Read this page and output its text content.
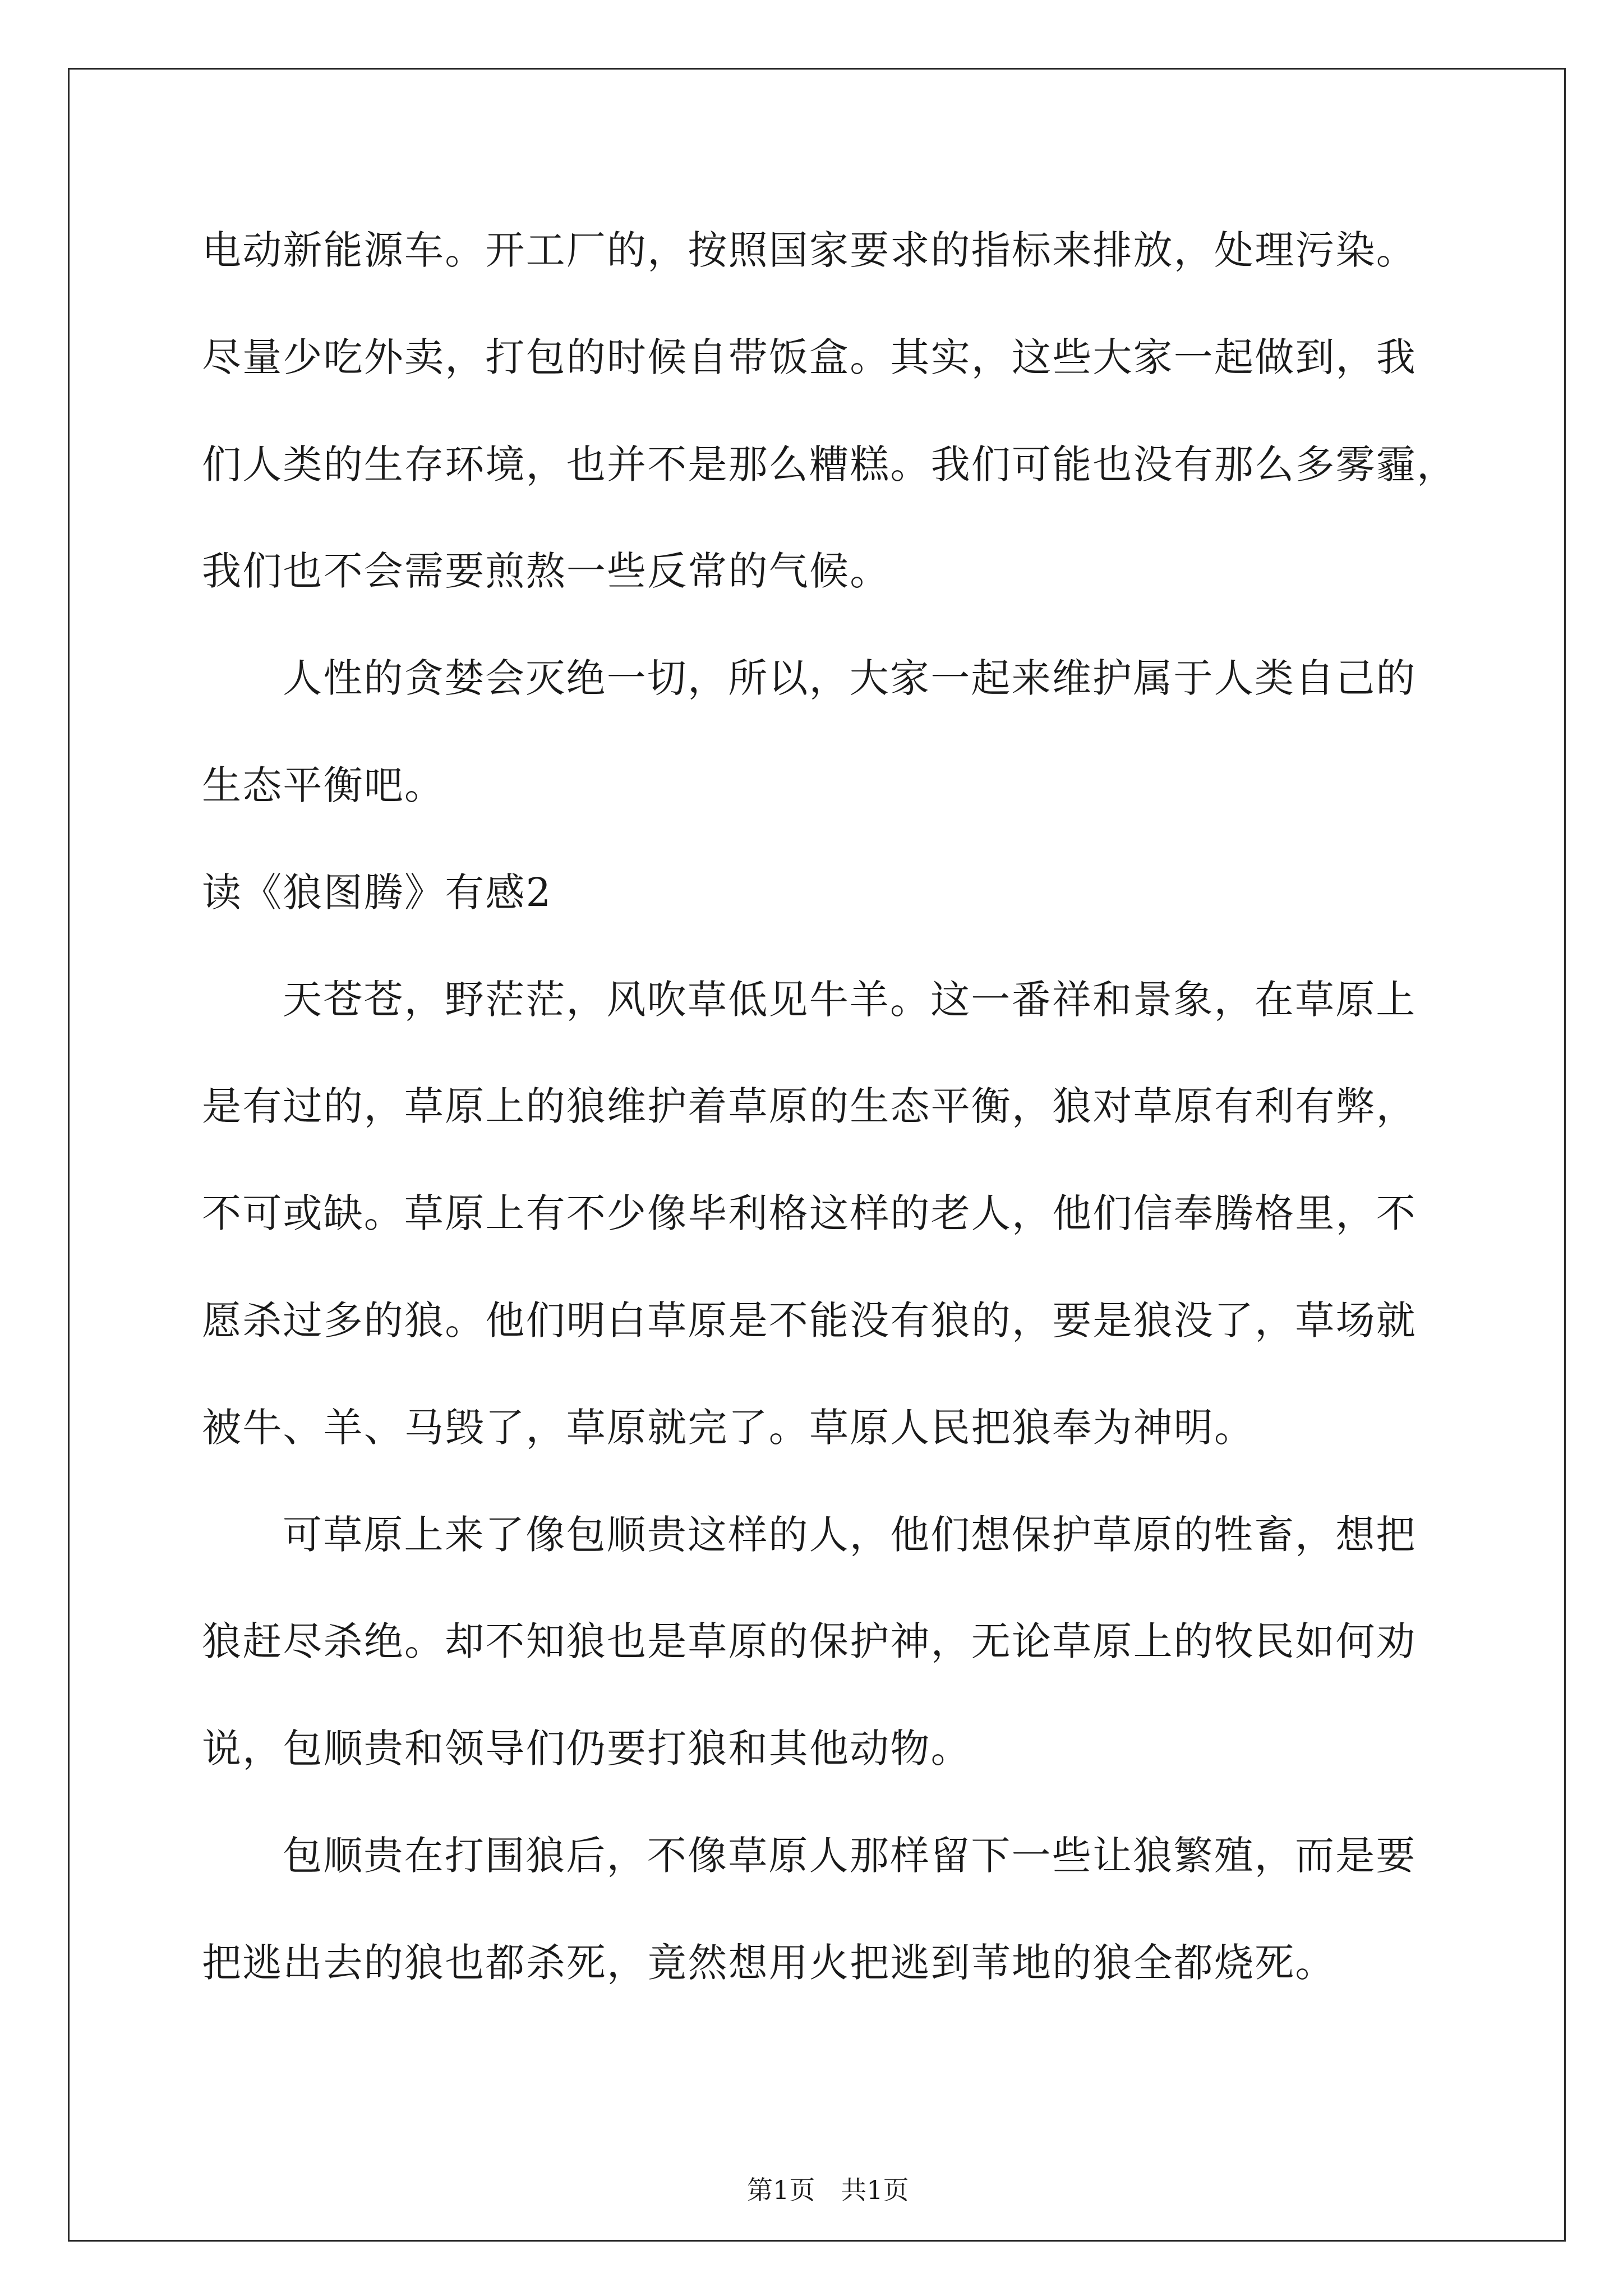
电动新能源车。开工厂的，按照国家要求的指标来排放，处理污染。
尽量少吃外卖，打包的时候自带饭盒。其实，这些大家一起做到，我
们人类的生存环境，也并不是那么糟糕。我们可能也没有那么多雾霾，
我们也不会需要煎熬一些反常的气候。
人性的贪婪会灭绝一切，所以，大家一起来维护属于人类自己的
生态平衡吧。
读《狼图腾》有感2
天苍苍，野茫茫，风吹草低见牛羊。这一番祥和景象，在草原上
是有过的，草原上的狼维护着草原的生态平衡，狼对草原有利有弊，
不可或缺。草原上有不少像毕利格这样的老人，他们信奉腾格里，不
愿杀过多的狼。他们明白草原是不能没有狼的，要是狼没了，草场就
被牛、羊、马毁了，草原就完了。草原人民把狼奉为神明。
可草原上来了像包顺贵这样的人，他们想保护草原的牲畜，想把
狼赶尽杀绝。却不知狼也是草原的保护神，无论草原上的牧民如何劝
说，包顺贵和领导们仍要打狼和其他动物。
包顺贵在打围狼后，不像草原人那样留下一些让狼繁殖，而是要
把逃出去的狼也都杀死，竟然想用火把逃到苇地的狼全都烧死。

第1页　共1页
